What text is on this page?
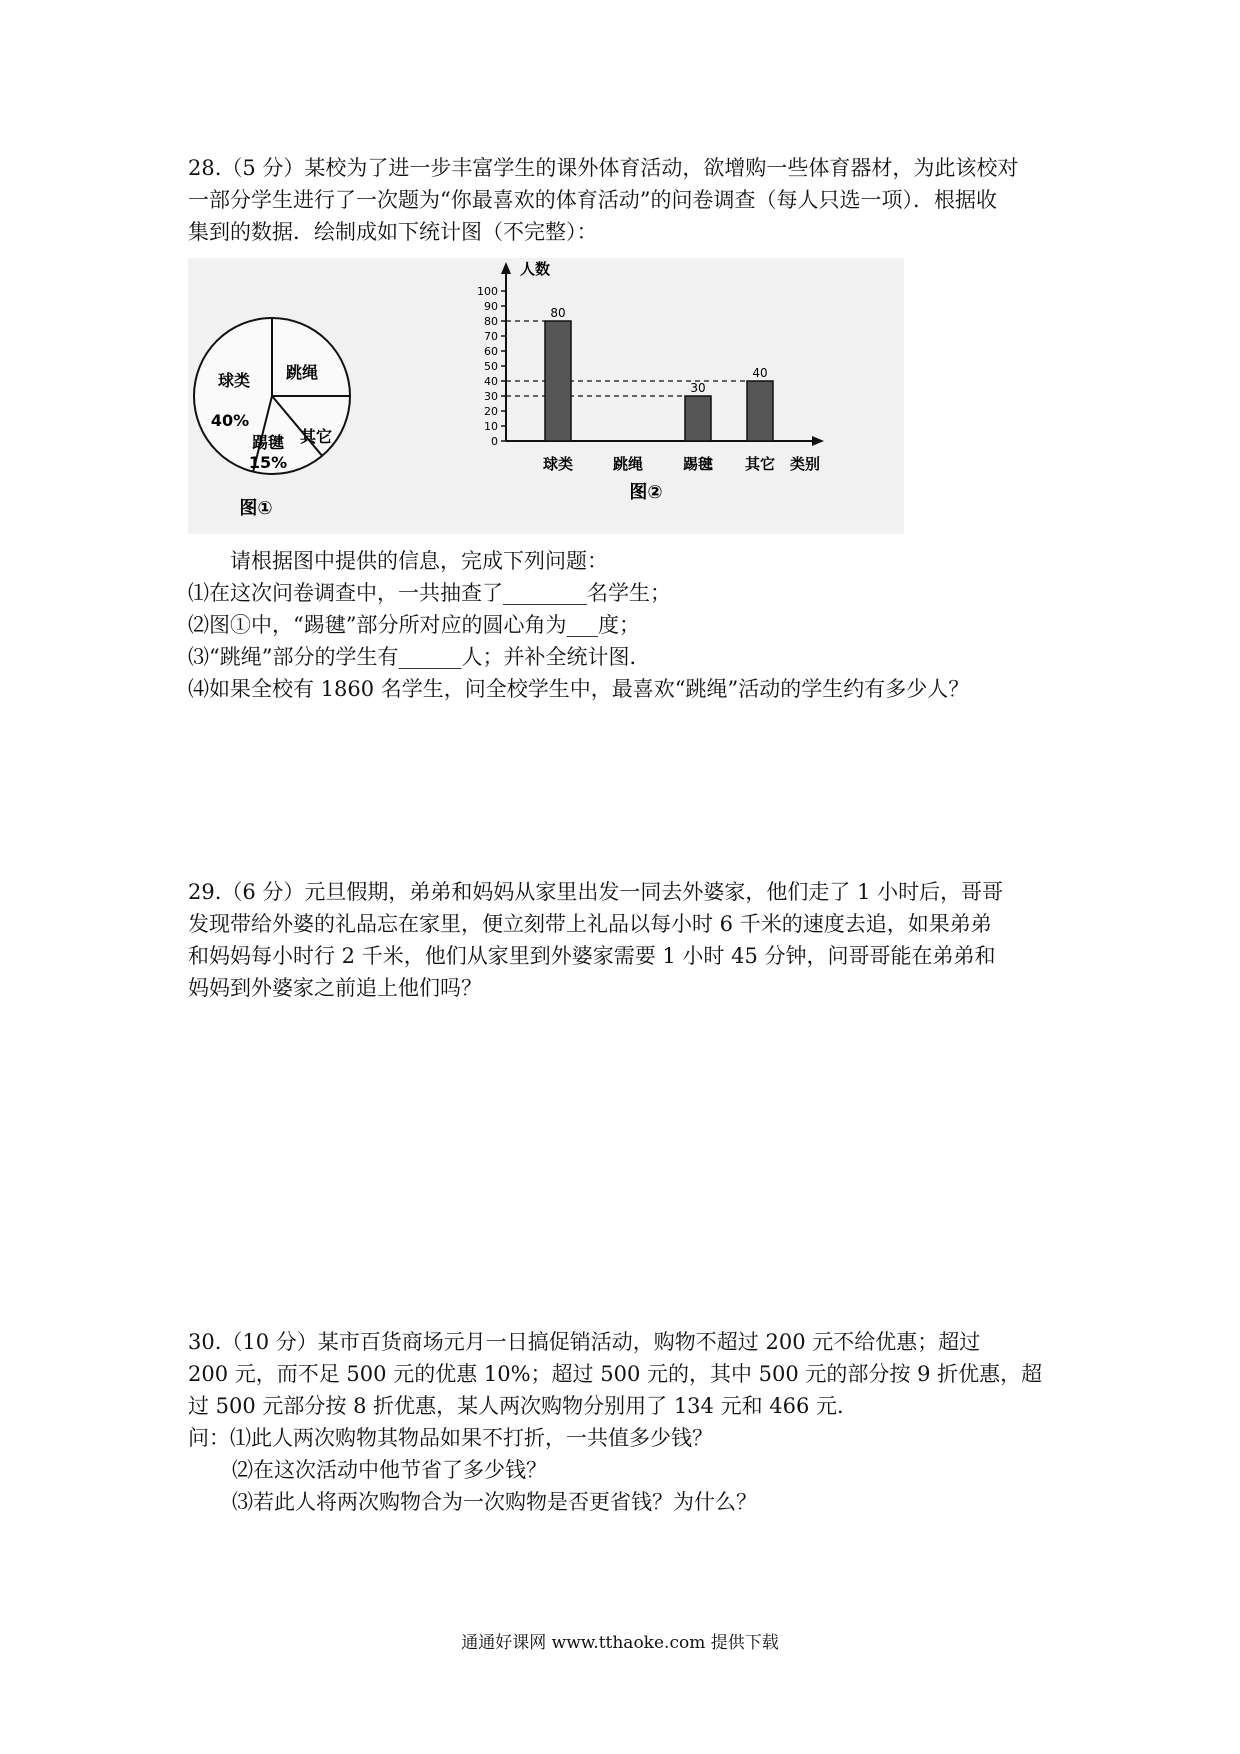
28.（5 分）某校为了进一步丰富学生的课外体育活动，欲增购一些体育器材，为此该校对
一部分学生进行了一次题为“你最喜欢的体育活动”的问卷调查（每人只选一项）．根据收
集到的数据．绘制成如下统计图（不完整）：
球类
40%
跳绳
其它
踢毽
15%
图①
人数
类别
0
10
20
30
40
50
60
70
80
90
100
80
球类	跳绳
30
踢毽
40
其它
图②
请根据图中提供的信息，完成下列问题：
⑴在这次问卷调查中，一共抽查了________名学生；
⑵图①中，“踢毽”部分所对应的圆心角为___度；
⑶“跳绳”部分的学生有______人；并补全统计图．
⑷如果全校有 1860 名学生，问全校学生中，最喜欢“跳绳”活动的学生约有多少人？
29.（6 分）元旦假期，弟弟和妈妈从家里出发一同去外婆家，他们走了 1 小时后，哥哥
发现带给外婆的礼品忘在家里，便立刻带上礼品以每小时 6 千米的速度去追，如果弟弟
和妈妈每小时行 2 千米，他们从家里到外婆家需要 1 小时 45 分钟，问哥哥能在弟弟和
妈妈到外婆家之前追上他们吗？
30.（10 分）某市百货商场元月一日搞促销活动，购物不超过 200 元不给优惠；超过
200 元，而不足 500 元的优惠 10%；超过 500 元的，其中 500 元的部分按 9 折优惠，超
过 500 元部分按 8 折优惠，某人两次购物分别用了 134 元和 466 元．
问：⑴此人两次购物其物品如果不打折，一共值多少钱？
⑵在这次活动中他节省了多少钱？
⑶若此人将两次购物合为一次购物是否更省钱？为什么？
通通好课网 www.tthaoke.com 提供下载
